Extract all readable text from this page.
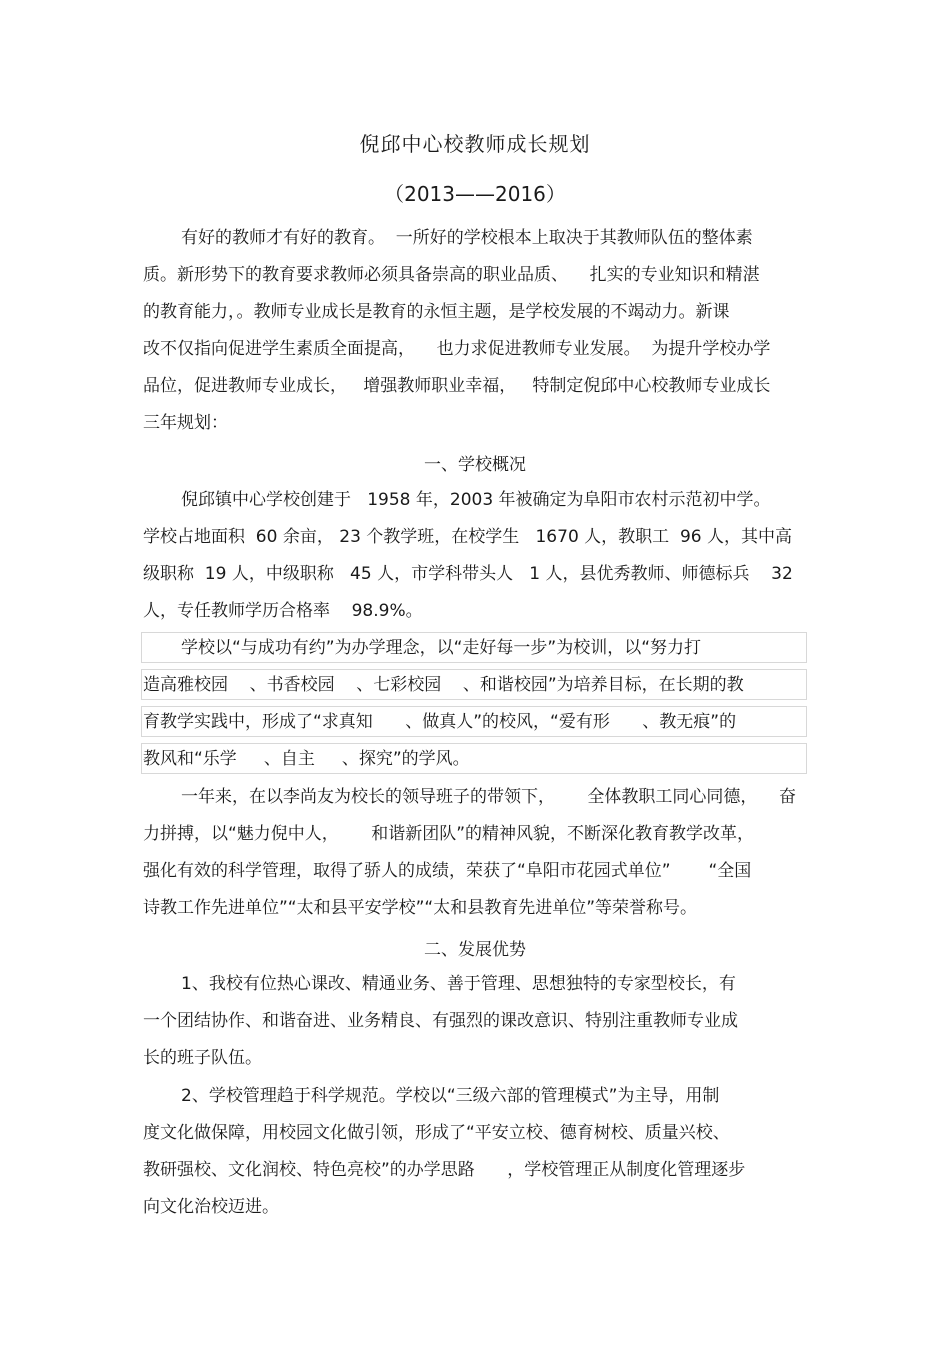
倪邱中心校教师成长规划
（2013——2016）
有好的教师才有好的教育。  一所好的学校根本上取决于其教师队伍的整体素
质。新形势下的教育要求教师必须具备崇高的职业品质、    扎实的专业知识和精湛
的教育能力，。教师专业成长是教育的永恒主题，是学校发展的不竭动力。新课
改不仅指向促进学生素质全面提高，    也力求促进教师专业发展。  为提升学校办学
品位，促进教师专业成长，   增强教师职业幸福，   特制定倪邱中心校教师专业成长
三年规划：
一、学校概况
倪邱镇中心学校创建于   1958 年，2003 年被确定为阜阳市农村示范初中学。
学校占地面积  60 余亩， 23 个教学班，在校学生   1670 人，教职工  96 人，其中高
级职称  19 人，中级职称   45 人，市学科带头人   1 人，县优秀教师、师德标兵    32
人，专任教师学历合格率    98.9%。
学校以“与成功有约”为办学理念，以“走好每一步”为校训，以“努力打
造高雅校园    、书香校园    、七彩校园    、和谐校园”为培养目标，在长期的教
育教学实践中，形成了“求真知      、做真人”的校风，“爱有形      、教无痕”的
教风和“乐学     、自主     、探究”的学风。
一年来，在以李尚友为校长的领导班子的带领下，      全体教职工同心同德，    奋
力拼搏，以“魅力倪中人，      和谐新团队”的精神风貌，不断深化教育教学改革，
强化有效的科学管理，取得了骄人的成绩，荣获了“阜阳市花园式单位”       “全国
诗教工作先进单位”“太和县平安学校”“太和县教育先进单位”等荣誉称号。
二、发展优势
1、我校有位热心课改、精通业务、善于管理、思想独特的专家型校长，有
一个团结协作、和谐奋进、业务精良、有强烈的课改意识、特别注重教师专业成
长的班子队伍。
2、学校管理趋于科学规范。学校以“三级六部的管理模式”为主导，用制
度文化做保障，用校园文化做引领，形成了“平安立校、德育树校、质量兴校、
教研强校、文化润校、特色亮校”的办学思路      ，学校管理正从制度化管理逐步
向文化治校迈进。
